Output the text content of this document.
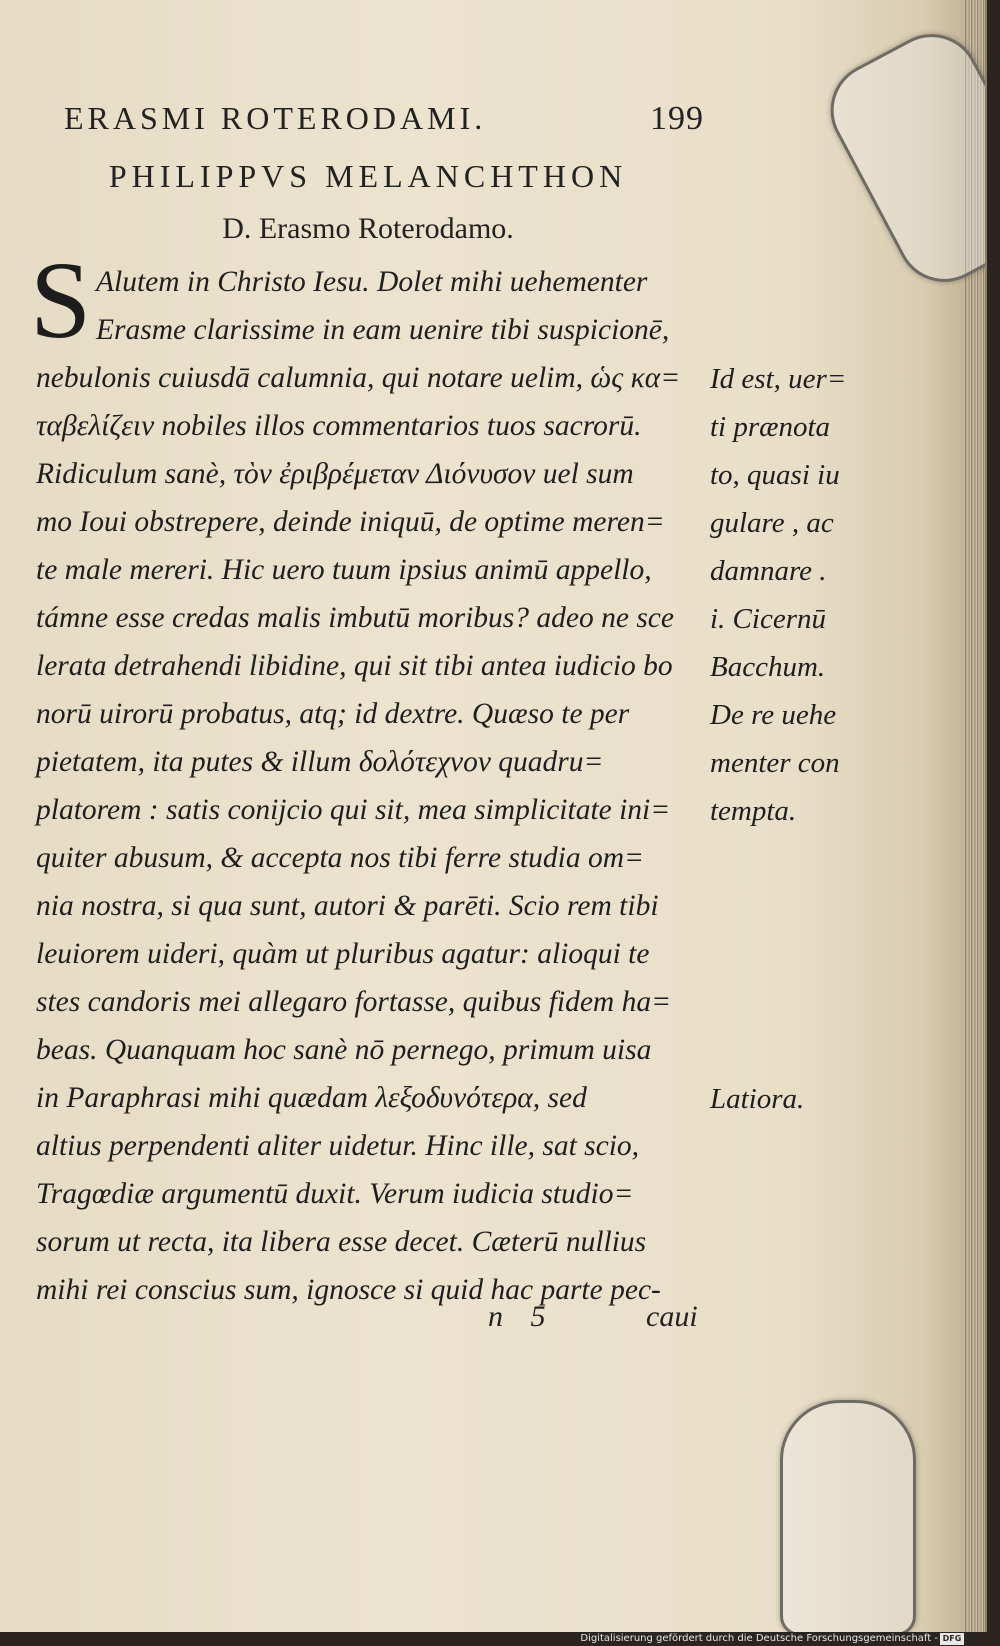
ERASMI ROTERODAMI.	199
PHILIPPVS MELANCHTHON
D. Erasmo Roterodamo.
S Alutem in Christo Iesu. Dolet mihi uehementer
Erasme clarissime in eam uenire tibi suspicionē,
nebulonis cuiusdā calumnia, qui notare uelim, ὡς κα=
ταβελίζειν nobiles illos commentarios tuos sacrorū.
Ridiculum sanè, τὸν ἐριβρέμεταν Διόνυσον uel sum
mo Ioui obstrepere, deinde iniquū, de optime meren=
te male mereri. Hic uero tuum ipsius animū appello,
támne esse credas malis imbutū moribus? adeo ne sce
lerata detrahendi libidine, qui sit tibi antea iudicio bo
norū uirorū probatus, atq; id dextre. Quæso te per
pietatem, ita putes & illum δολότεχνον quadru=
platorem : satis conijcio qui sit, mea simplicitate ini=
quiter abusum, & accepta nos tibi ferre studia om=
nia nostra, si qua sunt, autori & parēti. Scio rem tibi
leuiorem uideri, quàm ut pluribus agatur: alioqui te
stes candoris mei allegaro fortasse, quibus fidem ha=
beas. Quanquam hoc sanè nō pernego, primum uisa
in Paraphrasi mihi quædam λεξοδυνότερα, sed
altius perpendenti aliter uidetur. Hinc ille, sat scio,
Tragœdiæ argumentū duxit. Verum iudicia studio=
sorum ut recta, ita libera esse decet. Cæterū nullius
mihi rei conscius sum, ignosce si quid hac parte pec-
Id est, uer=
ti prænota
to, quasi iu
gulare , ac
damnare .
i. Cicernū
Bacchum.
De re uehe
menter con
tempta.
Latiora.
n 5	caui
Digitalisierung gefördert durch die Deutsche Forschungsgemeinschaft - DFG
